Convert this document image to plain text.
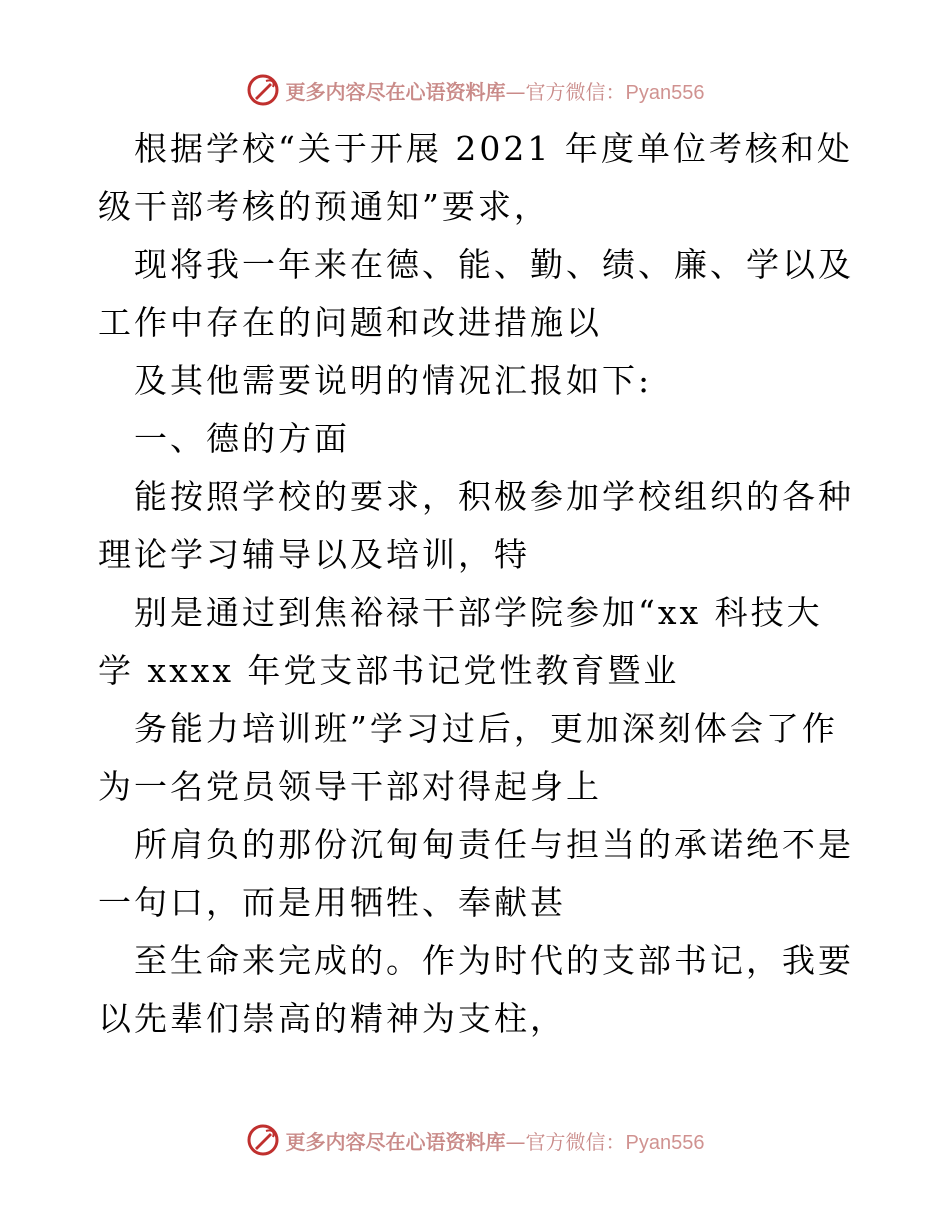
更多内容尽在心语资料库—官方微信：Pyan556

根据学校“关于开展 2021 年度单位考核和处级干部考核的预通知”要求，

现将我一年来在德、能、勤、绩、廉、学以及工作中存在的问题和改进措施以

及其他需要说明的情况汇报如下:

一、德的方面

能按照学校的要求，积极参加学校组织的各种理论学习辅导以及培训，特

别是通过到焦裕禄干部学院参加“xx 科技大学 xxxx 年党支部书记党性教育暨业

务能力培训班”学习过后，更加深刻体会了作为一名党员领导干部对得起身上

所肩负的那份沉甸甸责任与担当的承诺绝不是一句口，而是用牺牲、奉献甚

至生命来完成的。作为时代的支部书记，我要以先辈们崇高的精神为支柱，

更多内容尽在心语资料库—官方微信：Pyan556
